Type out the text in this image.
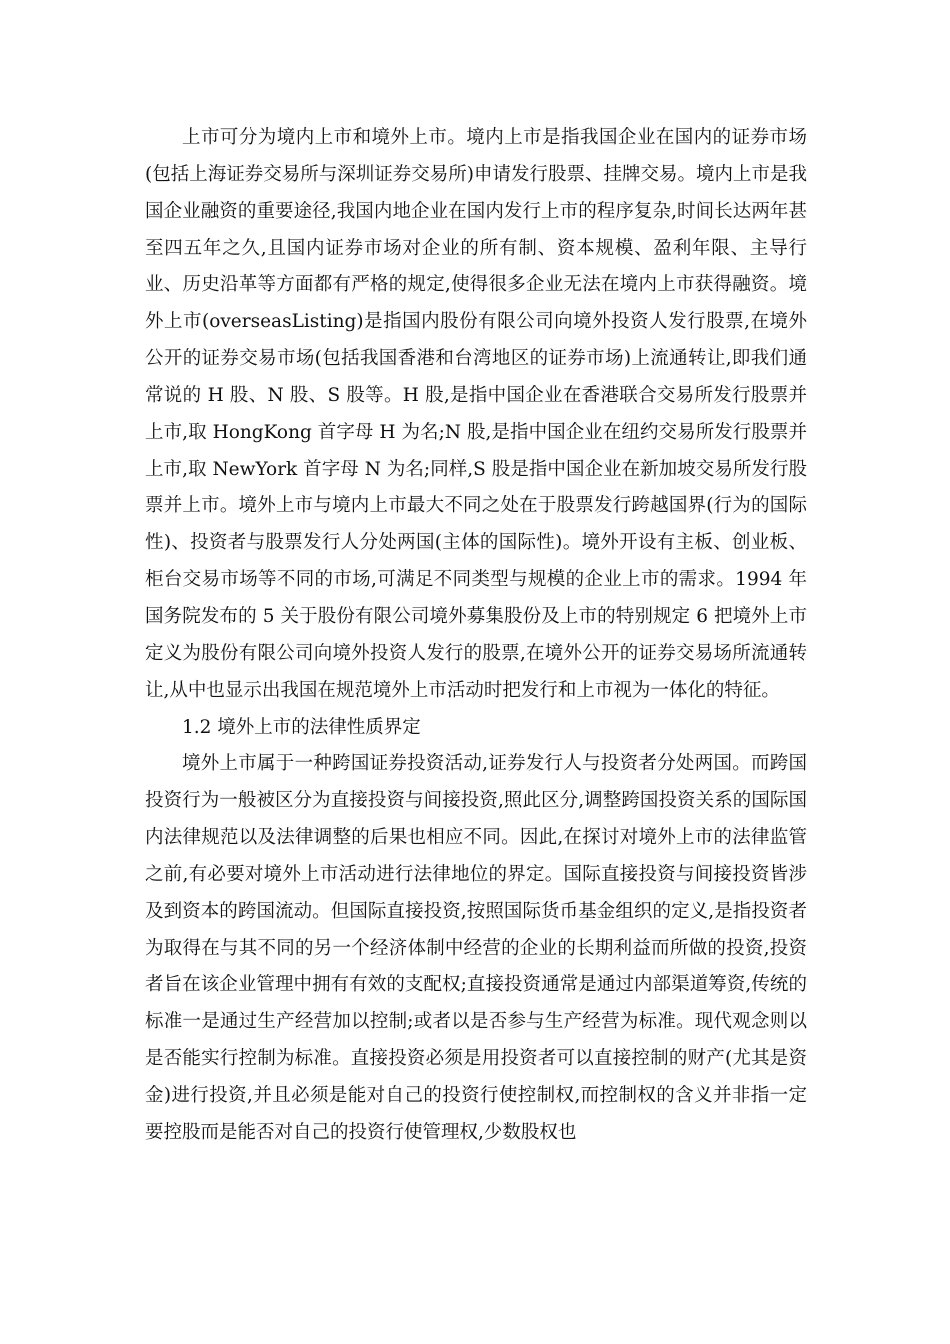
上市可分为境内上市和境外上市。境内上市是指我国企业在国内的证券市场(包括上海证券交易所与深圳证券交易所)申请发行股票、挂牌交易。境内上市是我国企业融资的重要途径,我国内地企业在国内发行上市的程序复杂,时间长达两年甚至四五年之久,且国内证券市场对企业的所有制、资本规模、盈利年限、主导行业、历史沿革等方面都有严格的规定,使得很多企业无法在境内上市获得融资。境外上市(overseasListing)是指国内股份有限公司向境外投资人发行股票,在境外公开的证券交易市场(包括我国香港和台湾地区的证券市场)上流通转让,即我们通常说的 H 股、N 股、S 股等。H 股,是指中国企业在香港联合交易所发行股票并上市,取 HongKong 首字母 H 为名;N 股,是指中国企业在纽约交易所发行股票并上市,取 NewYork 首字母 N 为名;同样,S 股是指中国企业在新加坡交易所发行股票并上市。境外上市与境内上市最大不同之处在于股票发行跨越国界(行为的国际性)、投资者与股票发行人分处两国(主体的国际性)。境外开设有主板、创业板、柜台交易市场等不同的市场,可满足不同类型与规模的企业上市的需求。1994 年国务院发布的 5 关于股份有限公司境外募集股份及上市的特别规定 6 把境外上市定义为股份有限公司向境外投资人发行的股票,在境外公开的证券交易场所流通转让,从中也显示出我国在规范境外上市活动时把发行和上市视为一体化的特征。

1.2 境外上市的法律性质界定

境外上市属于一种跨国证券投资活动,证券发行人与投资者分处两国。而跨国投资行为一般被区分为直接投资与间接投资,照此区分,调整跨国投资关系的国际国内法律规范以及法律调整的后果也相应不同。因此,在探讨对境外上市的法律监管之前,有必要对境外上市活动进行法律地位的界定。国际直接投资与间接投资皆涉及到资本的跨国流动。但国际直接投资,按照国际货币基金组织的定义,是指投资者为取得在与其不同的另一个经济体制中经营的企业的长期利益而所做的投资,投资者旨在该企业管理中拥有有效的支配权;直接投资通常是通过内部渠道筹资,传统的标准一是通过生产经营加以控制;或者以是否参与生产经营为标准。现代观念则以是否能实行控制为标准。直接投资必须是用投资者可以直接控制的财产(尤其是资金)进行投资,并且必须是能对自己的投资行使控制权,而控制权的含义并非指一定要控股而是能否对自己的投资行使管理权,少数股权也
